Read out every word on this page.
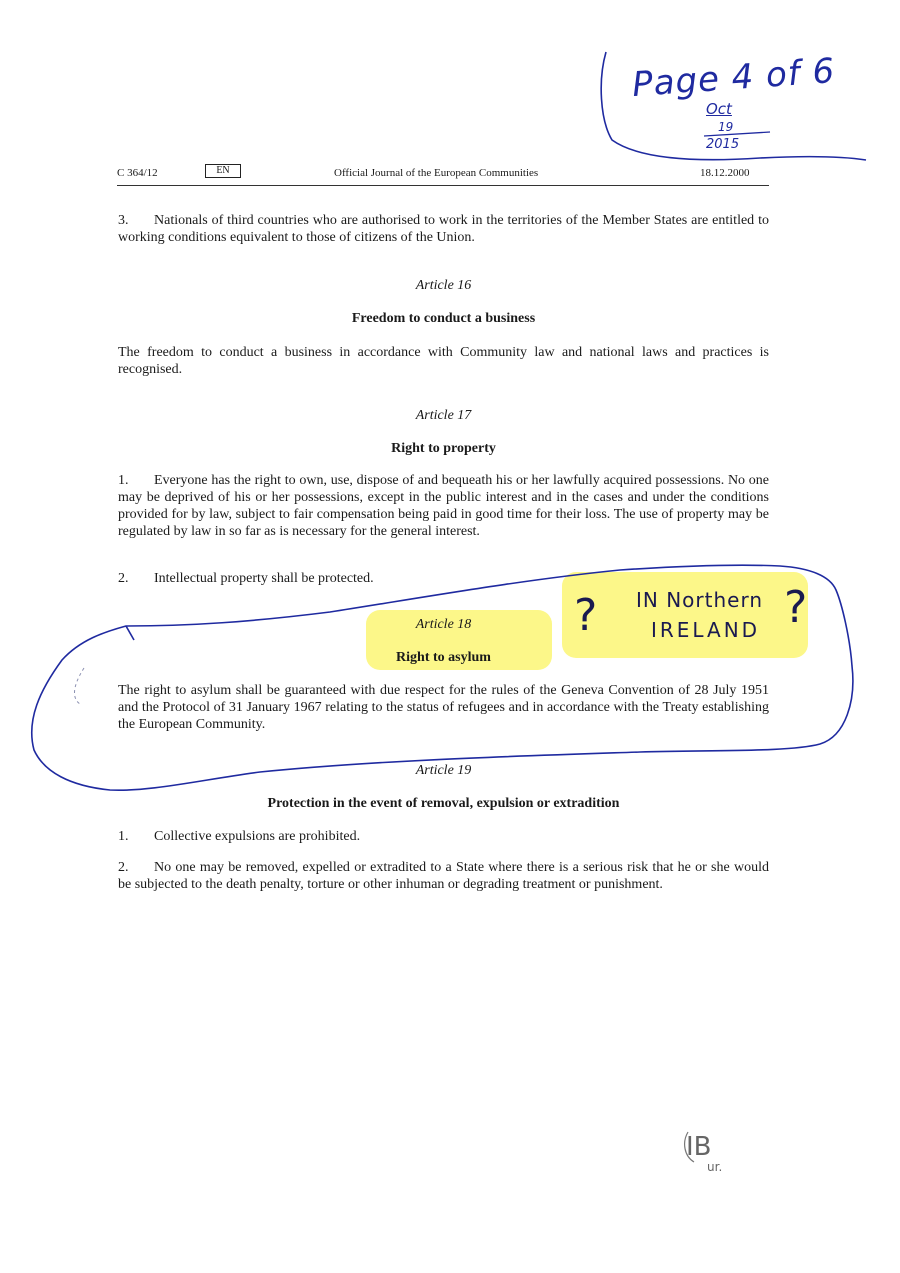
C 364/12	EN	Official Journal of the European Communities	18.12.2000
3. Nationals of third countries who are authorised to work in the territories of the Member States are entitled to working conditions equivalent to those of citizens of the Union.
Article 16
Freedom to conduct a business
The freedom to conduct a business in accordance with Community law and national laws and practices is recognised.
Article 17
Right to property
1. Everyone has the right to own, use, dispose of and bequeath his or her lawfully acquired possessions. No one may be deprived of his or her possessions, except in the public interest and in the cases and under the conditions provided for by law, subject to fair compensation being paid in good time for their loss. The use of property may be regulated by law in so far as is necessary for the general interest.
2. Intellectual property shall be protected.
Article 18
Right to asylum
The right to asylum shall be guaranteed with due respect for the rules of the Geneva Convention of 28 July 1951 and the Protocol of 31 January 1967 relating to the status of refugees and in accordance with the Treaty establishing the European Community.
Article 19
Protection in the event of removal, expulsion or extradition
1. Collective expulsions are prohibited.
2. No one may be removed, expelled or extradited to a State where there is a serious risk that he or she would be subjected to the death penalty, torture or other inhuman or degrading treatment or punishment.
Page 4 of 6
Oct
19
2015
? IN Northern
IRELAND ?
IB
ur.
